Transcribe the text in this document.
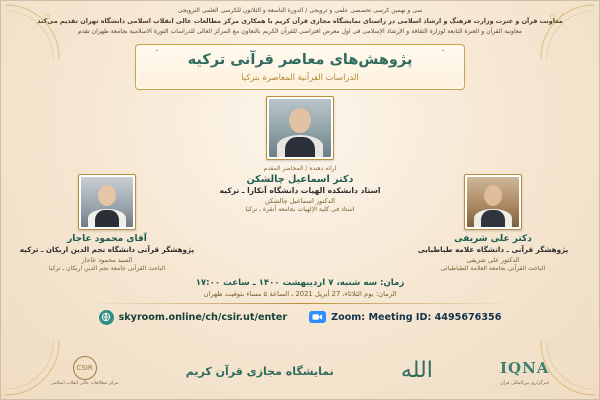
سی و نهمین کرسی تحصصی علمی و ترویجی / الدورة التاسعة و الثلاثون للکرسی العلمی الترویجی
معاونت قرآن و عترت وزارت فرهنگ و ارشاد اسلامی در راستای نمایشگاه مجازی قرآن کریم با همکاری مرکز مطالعات عالی انقلاب اسلامی دانشگاه تهران تقدیم می‌کند
معاونیة القرآن و العترة التابعة لوزارة الثقافة و الإرشاد الإسلامی فی اول معرض افتراضی للقرآن الکریم بالتعاون مع المرکز العالی للدراسات الثورة الاسلامیة بجامعة طهران تقدم
پژوهش‌های معاصر قرآنی ترکیه
الدراسات القرآنیة المعاصرة بترکیا
ارائه دهنده / المحاضر المقدم
دکتر اسماعیل چالشکن
استاد دانشکده الهیات دانشگاه آنکارا ـ ترکیه
الدکتور اسماعیل چالشکن
استاد فی کلیة الإلهیات بجامعة أنقرة ـ ترکیا
دکتر علی شریفی
پژوهشگر قرآنی ـ دانشگاه علامه طباطبایی
الدکتور علی شریفی
الباحث القرآنی بجامعة العلامة الطباطبائی
آقای محمود عاجار
پژوهشگر قرآنی دانشگاه نجم الدین اربکان ـ ترکیه
السید محمود عاجار
الباحث القرآنی جامعة نجم الدین اربکان ـ ترکیا
زمان: سه شنبه، ۷ اردیبهشت ۱۴۰۰ ـ ساعت ۱۷:۰۰
الزمان: یوم الثلاثاء، 27 أبریل 2021 ـ الساعة ۵ مساء بتوقیت طهران
skyroom.online/ch/csir.ut/enter	Zoom: Meeting ID: 4495676356
IQNA
خبرگزاری بین‌المللی قرآن
الله
نمایشگاه مجازی قرآن کریم
CSIR
مرکز مطالعات عالی انقلاب اسلامی
